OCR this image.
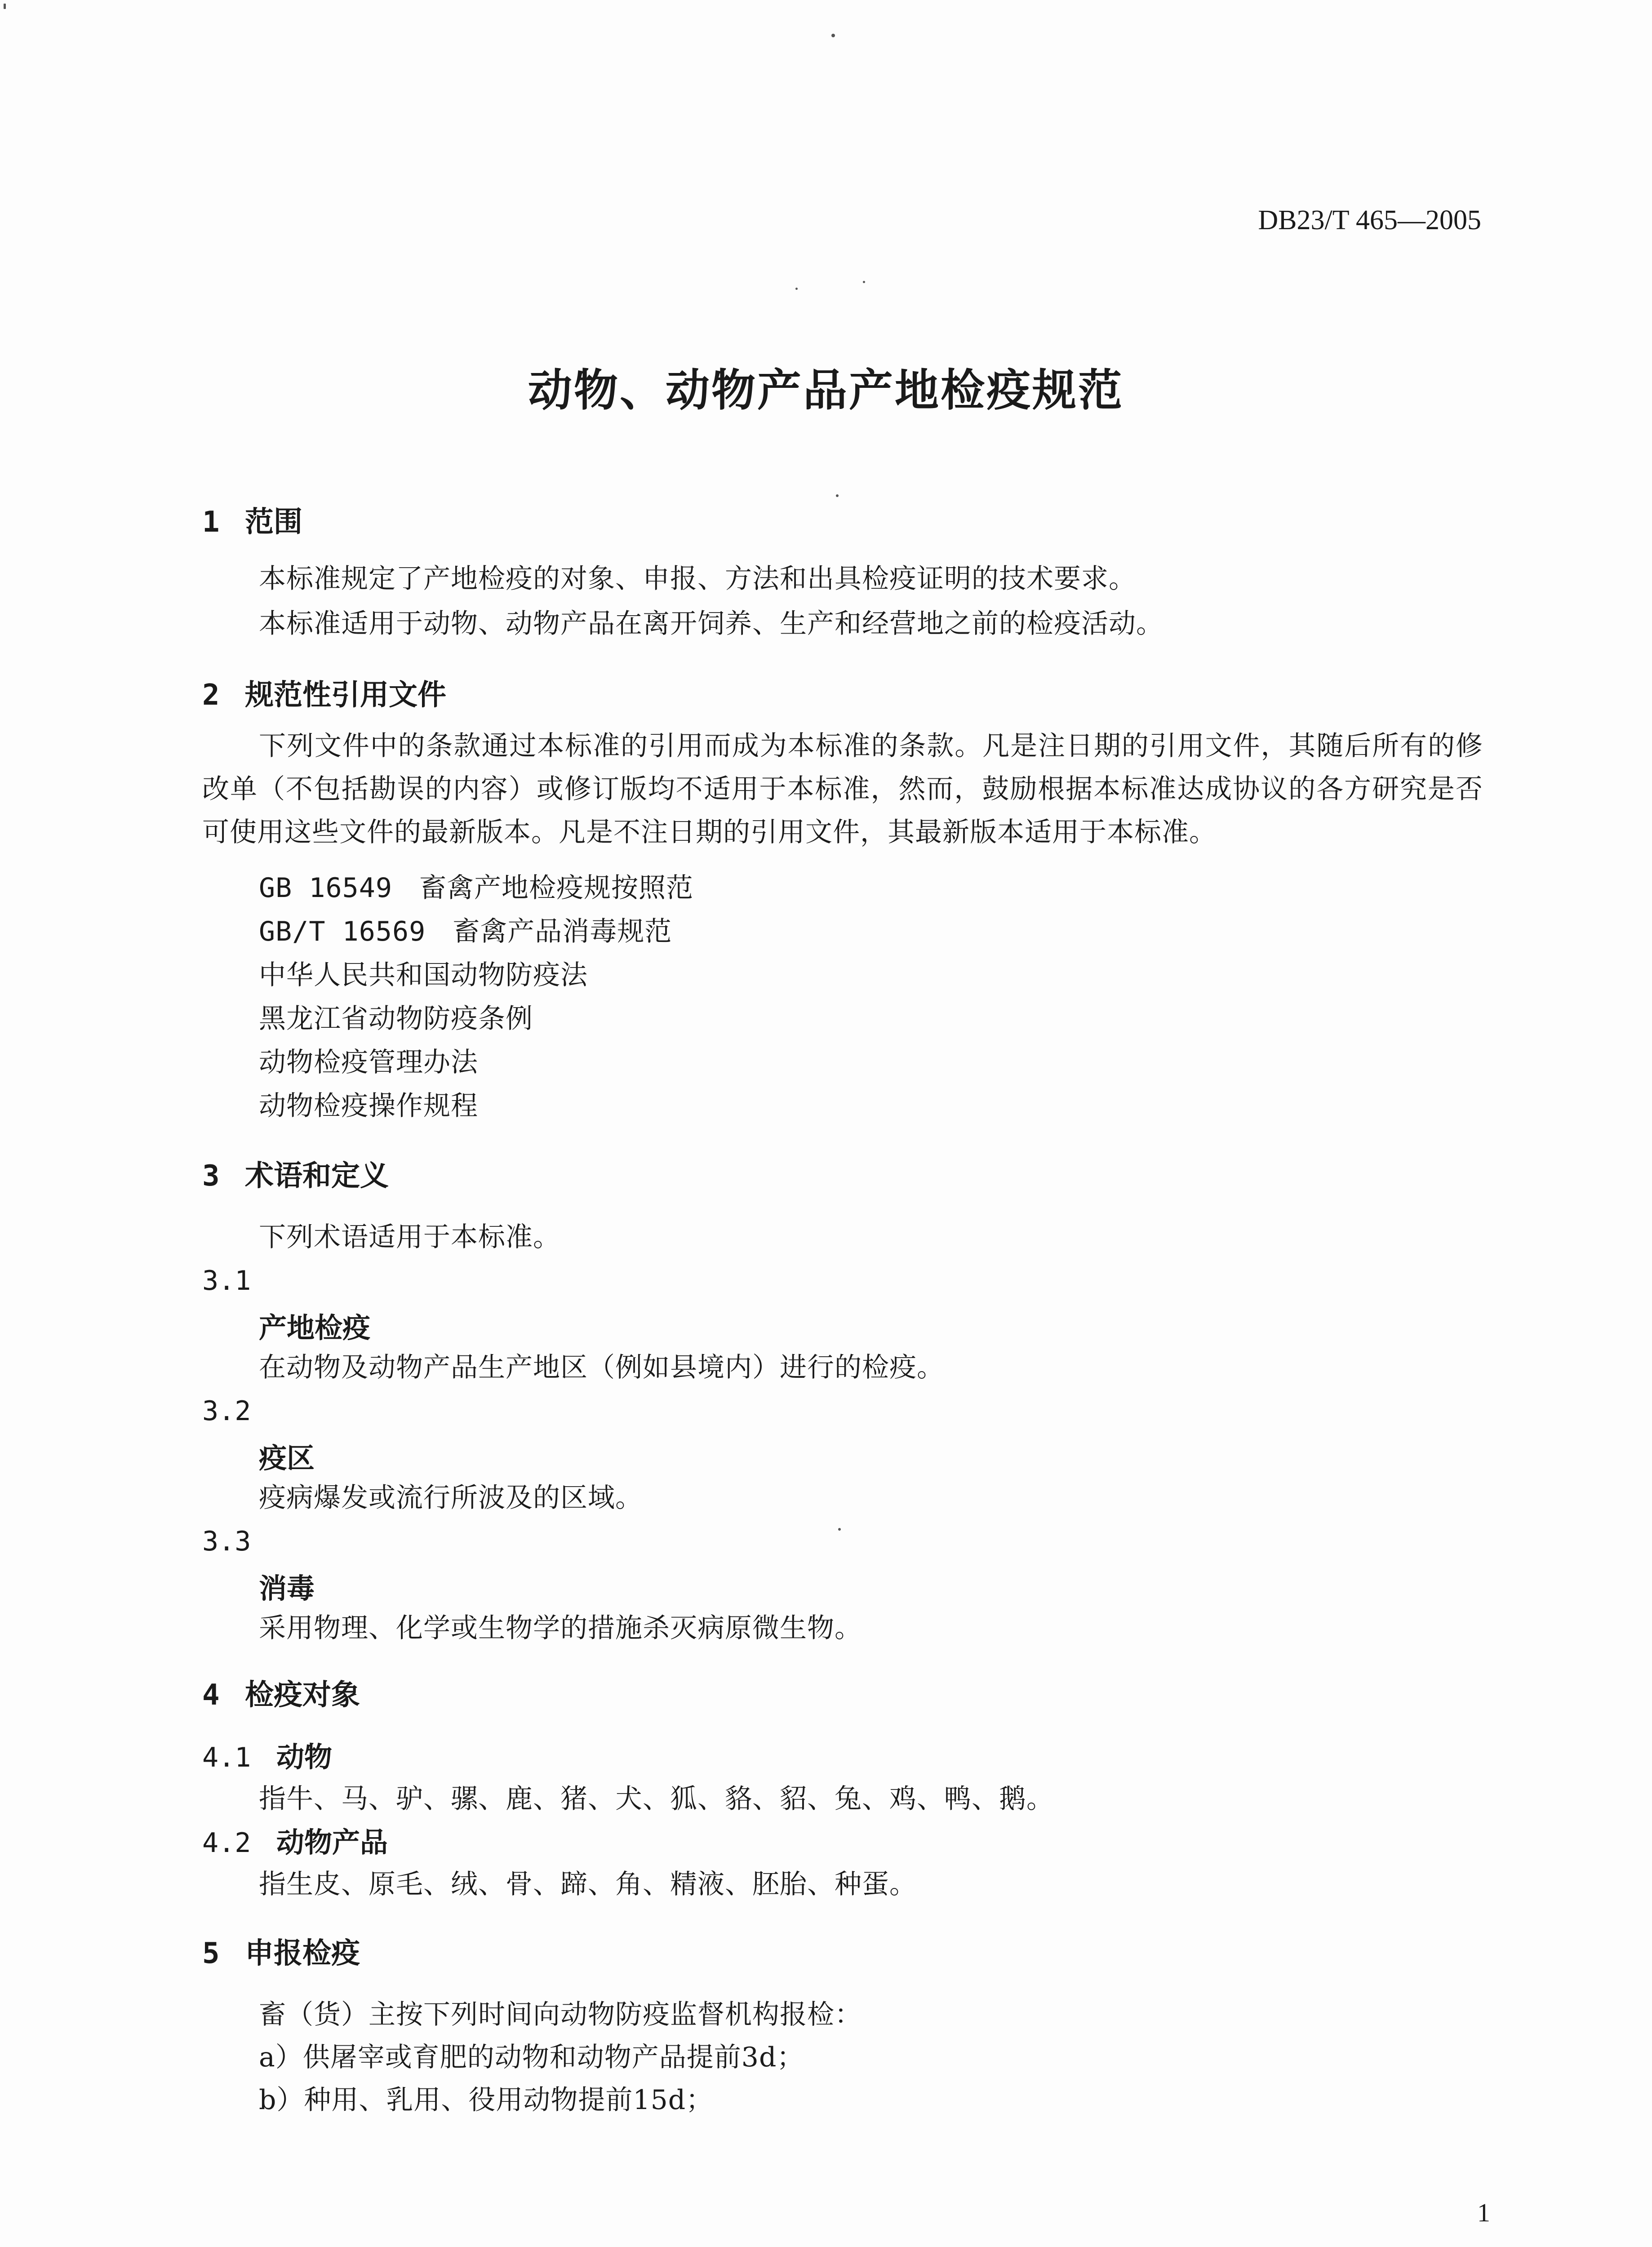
DB23/T 465—2005
动物、动物产品产地检疫规范
1 范围
本标准规定了产地检疫的对象、申报、方法和出具检疫证明的技术要求。
本标准适用于动物、动物产品在离开饲养、生产和经营地之前的检疫活动。
2 规范性引用文件

下列文件中的条款通过本标准的引用而成为本标准的条款。凡是注日期的引用文件，其随后所有的修改单（不包括勘误的内容）或修订版均不适用于本标准，然而，鼓励根据本标准达成协议的各方研究是否可使用这些文件的最新版本。凡是不注日期的引用文件，其最新版本适用于本标准。

GB 16549 畜禽产地检疫规按照范
GB/T 16569 畜禽产品消毒规范
中华人民共和国动物防疫法
黑龙江省动物防疫条例
动物检疫管理办法
动物检疫操作规程
3 术语和定义
下列术语适用于本标准。
3.1
产地检疫
在动物及动物产品生产地区（例如县境内）进行的检疫。
3.2
疫区
疫病爆发或流行所波及的区域。
3.3
消毒
采用物理、化学或生物学的措施杀灭病原微生物。
4 检疫对象
4.1 动物
指牛、马、驴、骡、鹿、猪、犬、狐、貉、貂、兔、鸡、鸭、鹅。
4.2 动物产品
指生皮、原毛、绒、骨、蹄、角、精液、胚胎、种蛋。
5 申报检疫
畜（货）主按下列时间向动物防疫监督机构报检：
a）供屠宰或育肥的动物和动物产品提前3d；
b）种用、乳用、役用动物提前15d；
1
